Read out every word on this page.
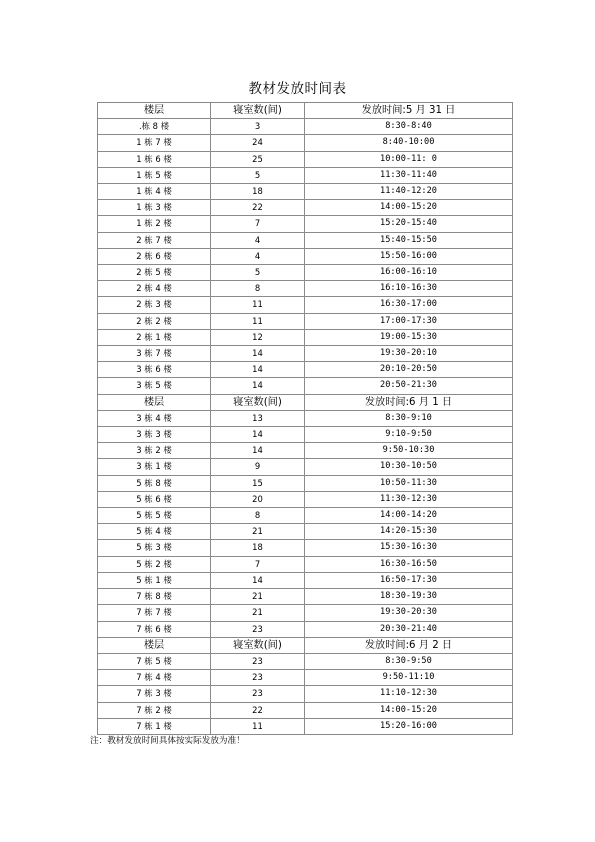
教材发放时间表
楼层	寝室数(间)	发放时间:5 月 31 日
.栋 8 楼	3	8:30-8:40
1 栋 7 楼	24	8:40-10:00
1 栋 6 楼	25	10:00-11: 0
1 栋 5 楼	5	11:30-11:40
1 栋 4 楼	18	11:40-12:20
1 栋 3 楼	22	14:00-15:20
1 栋 2 楼	7	15:20-15:40
2 栋 7 楼	4	15:40-15:50
2 栋 6 楼	4	15:50-16:00
2 栋 5 楼	5	16:00-16:10
2 栋 4 楼	8	16:10-16:30
2 栋 3 楼	11	16:30-17:00
2 栋 2 楼	11	17:00-17:30
2 栋 1 楼	12	19:00-15:30
3 栋 7 楼	14	19:30-20:10
3 栋 6 楼	14	20:10-20:50
3 栋 5 楼	14	20:50-21:30
楼层	寝室数(间)	发放时间:6 月 1 日
3 栋 4 楼	13	8:30-9:10
3 栋 3 楼	14	9:10-9:50
3 栋 2 楼	14	9:50-10:30
3 栋 1 楼	9	10:30-10:50
5 栋 8 楼	15	10:50-11:30
5 栋 6 楼	20	11:30-12:30
5 栋 5 楼	8	14:00-14:20
5 栋 4 楼	21	14:20-15:30
5 栋 3 楼	18	15:30-16:30
5 栋 2 楼	7	16:30-16:50
5 栋 1 楼	14	16:50-17:30
7 栋 8 楼	21	18:30-19:30
7 栋 7 楼	21	19:30-20:30
7 栋 6 楼	23	20:30-21:40
楼层	寝室数(间)	发放时间:6 月 2 日
7 栋 5 楼	23	8:30-9:50
7 栋 4 楼	23	9:50-11:10
7 栋 3 楼	23	11:10-12:30
7 栋 2 楼	22	14:00-15:20
7 栋 1 楼	11	15:20-16:00
注：教材发放时间具体按实际发放为准！
